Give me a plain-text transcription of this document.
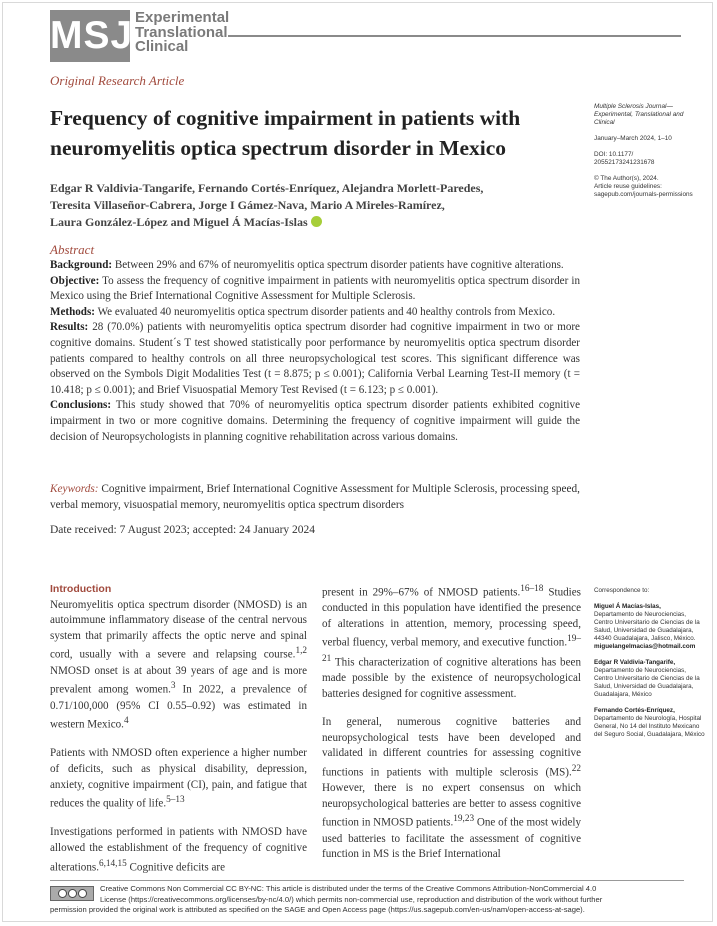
MSJ Experimental
Translational
Clinical
Original Research Article
Frequency of cognitive impairment in patients with neuromyelitis optica spectrum disorder in Mexico
Edgar R Valdivia-Tangarife, Fernando Cortés-Enríquez, Alejandra Morlett-Paredes,
Teresita Villaseñor-Cabrera, Jorge I Gámez-Nava, Mario A Mireles-Ramírez,
Laura González-López and Miguel Á Macías-Islas

Multiple Sclerosis Journal— Experimental, Translational and Clinical

January–March 2024, 1–10

DOI: 10.1177/
20552173241231678

© The Author(s), 2024.
Article reuse guidelines: sagepub.com/journals-permissions

Abstract

Background: Between 29% and 67% of neuromyelitis optica spectrum disorder patients have cognitive alterations.

Objective: To assess the frequency of cognitive impairment in patients with neuromyelitis optica spectrum disorder in Mexico using the Brief International Cognitive Assessment for Multiple Sclerosis.

Methods: We evaluated 40 neuromyelitis optica spectrum disorder patients and 40 healthy controls from Mexico.

Results: 28 (70.0%) patients with neuromyelitis optica spectrum disorder had cognitive impairment in two or more cognitive domains. Student´s T test showed statistically poor performance by neuromyelitis optica spectrum disorder patients compared to healthy controls on all three neuropsychological test scores. This significant difference was observed on the Symbols Digit Modalities Test (t = 8.875; p ≤ 0.001); California Verbal Learning Test-II memory (t = 10.418; p ≤ 0.001); and Brief Visuospatial Memory Test Revised (t = 6.123; p ≤ 0.001).

Conclusions: This study showed that 70% of neuromyelitis optica spectrum disorder patients exhibited cognitive impairment in two or more cognitive domains. Determining the frequency of cognitive impairment will guide the decision of Neuropsychologists in planning cognitive rehabilitation across various domains.

Keywords: Cognitive impairment, Brief International Cognitive Assessment for Multiple Sclerosis, processing speed, verbal memory, visuospatial memory, neuromyelitis optica spectrum disorders
Date received: 7 August 2023; accepted: 24 January 2024
Introduction

Neuromyelitis optica spectrum disorder (NMOSD) is an autoimmune inflammatory disease of the central nervous system that primarily affects the optic nerve and spinal cord, usually with a severe and relapsing course.$^{1,2}$ NMOSD onset is at about 39 years of age and is more prevalent among women.$^3$ In 2022, a prevalence of 0.71/100,000 (95% CI 0.55–0.92) was estimated in western Mexico.$^4$

Patients with NMOSD often experience a higher number of deficits, such as physical disability, depression, anxiety, cognitive impairment (CI), pain, and fatigue that reduces the quality of life.$^{5-13}$

Investigations performed in patients with NMOSD have allowed the establishment of the frequency of cognitive alterations.$^{6,14,15}$ Cognitive deficits are

present in 29%–67% of NMOSD patients.$^{16-18}$ Studies conducted in this population have identified the presence of alterations in attention, memory, processing speed, verbal fluency, verbal memory, and executive function.$^{19-21}$ This characterization of cognitive alterations has been made possible by the existence of neuropsychological batteries designed for cognitive assessment.

In general, numerous cognitive batteries and neuropsychological tests have been developed and validated in different countries for assessing cognitive functions in patients with multiple sclerosis (MS).$^{22}$ However, there is no expert consensus on which neuropsychological batteries are better to assess cognitive function in NMOSD patients.$^{19,23}$ One of the most widely used batteries to facilitate the assessment of cognitive function in MS is the Brief International

Correspondence to:

Miguel Á Macías-Islas,
Departamento de Neurociencias, Centro Universitario de Ciencias de la Salud, Universidad de Guadalajara, 44340 Guadalajara, Jalisco, México.
miguelangelmacias@hotmail.com

Edgar R Valdivia-Tangarife,
Departamento de Neurociencias, Centro Universitario de Ciencias de la Salud, Universidad de Guadalajara, Guadalajara, México

Fernando Cortés-Enríquez,
Departamento de Neurología, Hospital General, No 14 del Instituto Mexicano del Seguro Social, Guadalajara, México

Creative Commons Non Commercial CC BY-NC: This article is distributed under the terms of the Creative Commons Attribution-NonCommercial 4.0
License (https://creativecommons.org/licenses/by-nc/4.0/) which permits non-commercial use, reproduction and distribution of the work without further

permission provided the original work is attributed as specified on the SAGE and Open Access page (https://us.sagepub.com/en-us/nam/open-access-at-sage).
